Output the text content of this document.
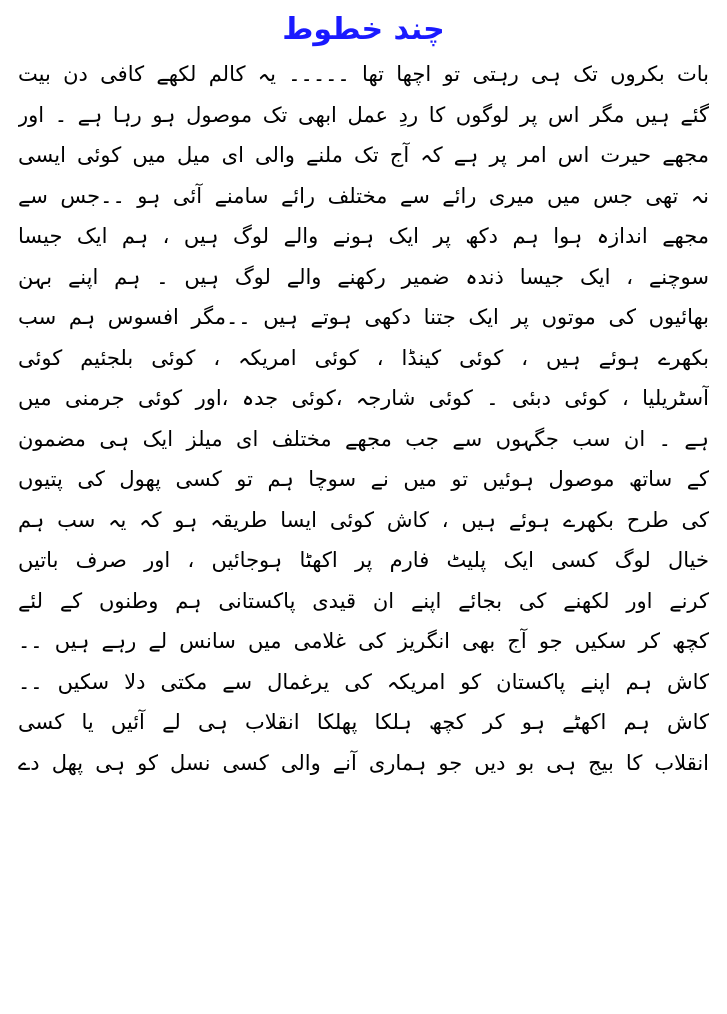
چند خطوط
بات بکروں تک ہی رہتی تو اچھا تھا ۔۔۔۔۔ یہ کالم لکھے کافی دن بیت
گئے ہیں مگر اس پر لوگوں کا ردِ عمل ابھی تک موصول ہو رہا ہے ۔ اور
مجھے حیرت اس امر پر ہے کہ آج تک ملنے والی ای میل میں کوئی ایسی
نہ تھی جس میں میری رائے سے مختلف رائے سامنے آئی ہو ۔۔جس سے
مجھے اندازہ ہوا ہم دکھ پر ایک ہونے والے لوگ ہیں ، ہم ایک جیسا
سوچنے ، ایک جیسا ذندہ ضمیر رکھنے والے لوگ ہیں ۔ ہم اپنے بہن
بھائیوں کی موتوں پر ایک جتنا دکھی ہوتے ہیں ۔۔مگر افسوس ہم سب
بکھرے ہوئے ہیں ، کوئی کینڈا ، کوئی امریکہ ، کوئی بلجئیم کوئی
آسٹریلیا ، کوئی دبئی ۔ کوئی شارجہ ،کوئی جدہ ،اور کوئی جرمنی میں
ہے ۔ ان سب جگہوں سے جب مجھے مختلف ای میلز ایک ہی مضمون
کے ساتھ موصول ہوئیں تو میں نے سوچا ہم تو کسی پھول کی پتیوں
کی طرح بکھرے ہوئے ہیں ، کاش کوئی ایسا طریقہ ہو کہ یہ سب ہم
خیال لوگ کسی ایک پلیٹ فارم پر اکھٹا ہوجائیں ، اور صرف باتیں
کرنے اور لکھنے کی بجائے اپنے ان قیدی پاکستانی ہم وطنوں کے لئے
کچھ کر سکیں جو آج بھی انگریز کی غلامی میں سانس لے رہے ہیں ۔۔
کاش ہم اپنے پاکستان کو امریکہ کی یرغمال سے مکتی دلا سکیں ۔۔
کاش ہم اکھٹے ہو کر کچھ ہلکا پھلکا انقلاب ہی لے آئیں یا کسی
انقلاب کا بیج ہی بو دیں جو ہماری آنے والی کسی نسل کو ہی پھل دے
